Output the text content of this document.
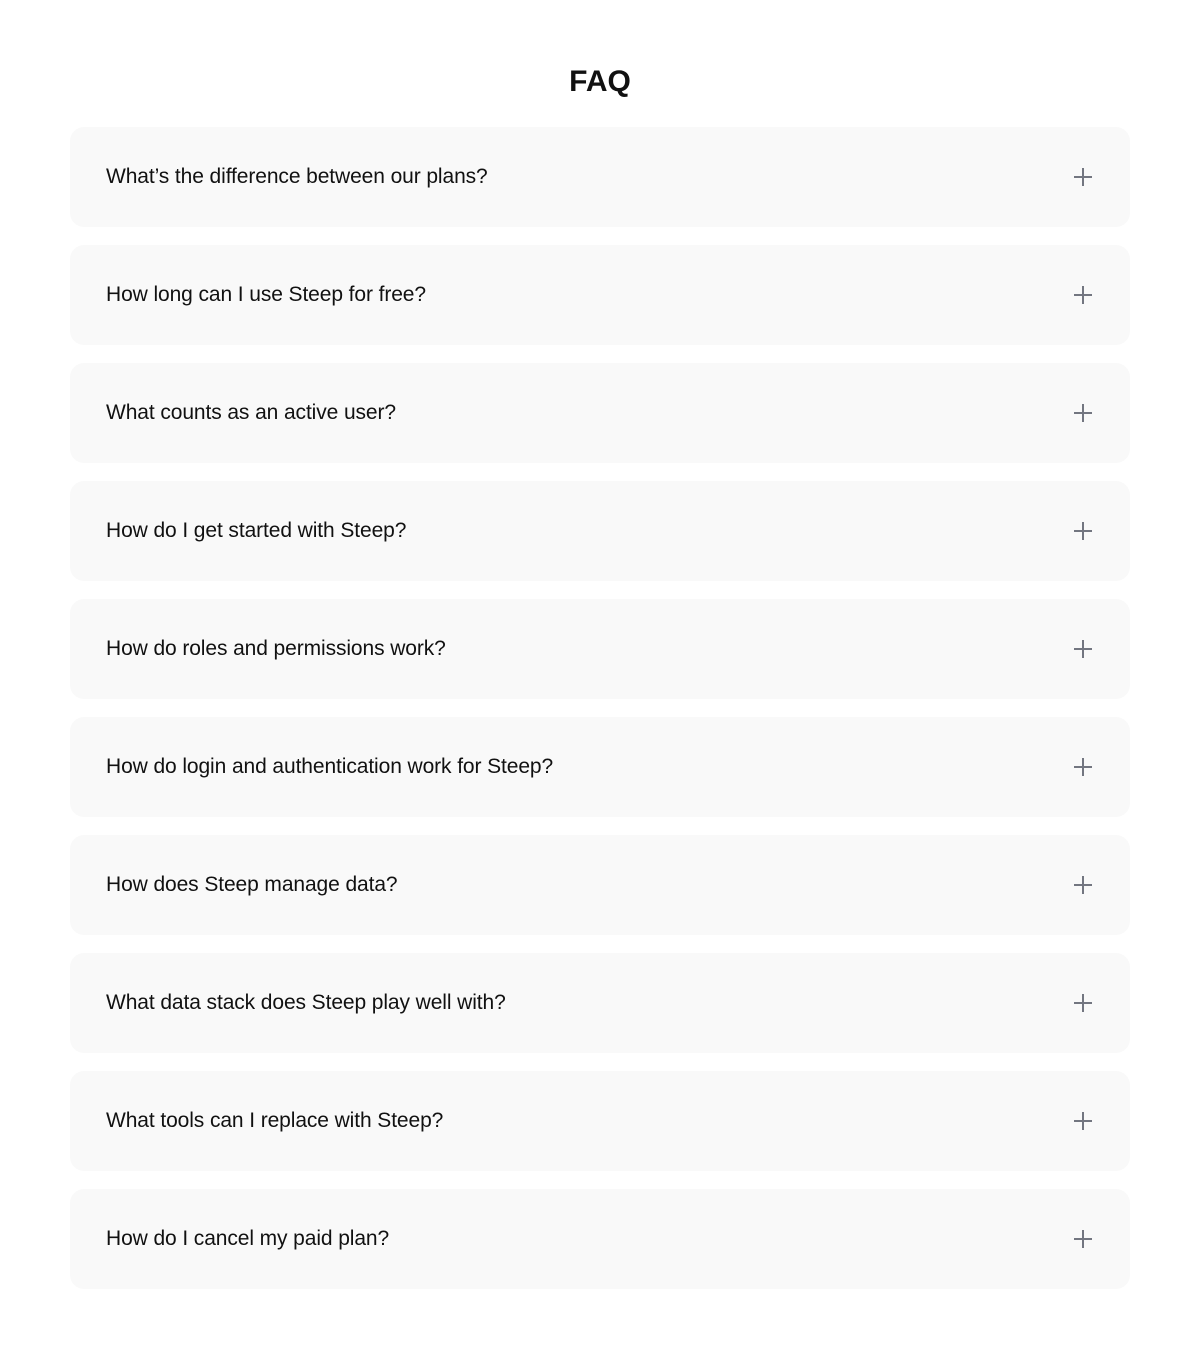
FAQ
What’s the difference between our plans?
How long can I use Steep for free?
What counts as an active user?
How do I get started with Steep?
How do roles and permissions work?
How do login and authentication work for Steep?
How does Steep manage data?
What data stack does Steep play well with?
What tools can I replace with Steep?
How do I cancel my paid plan?
